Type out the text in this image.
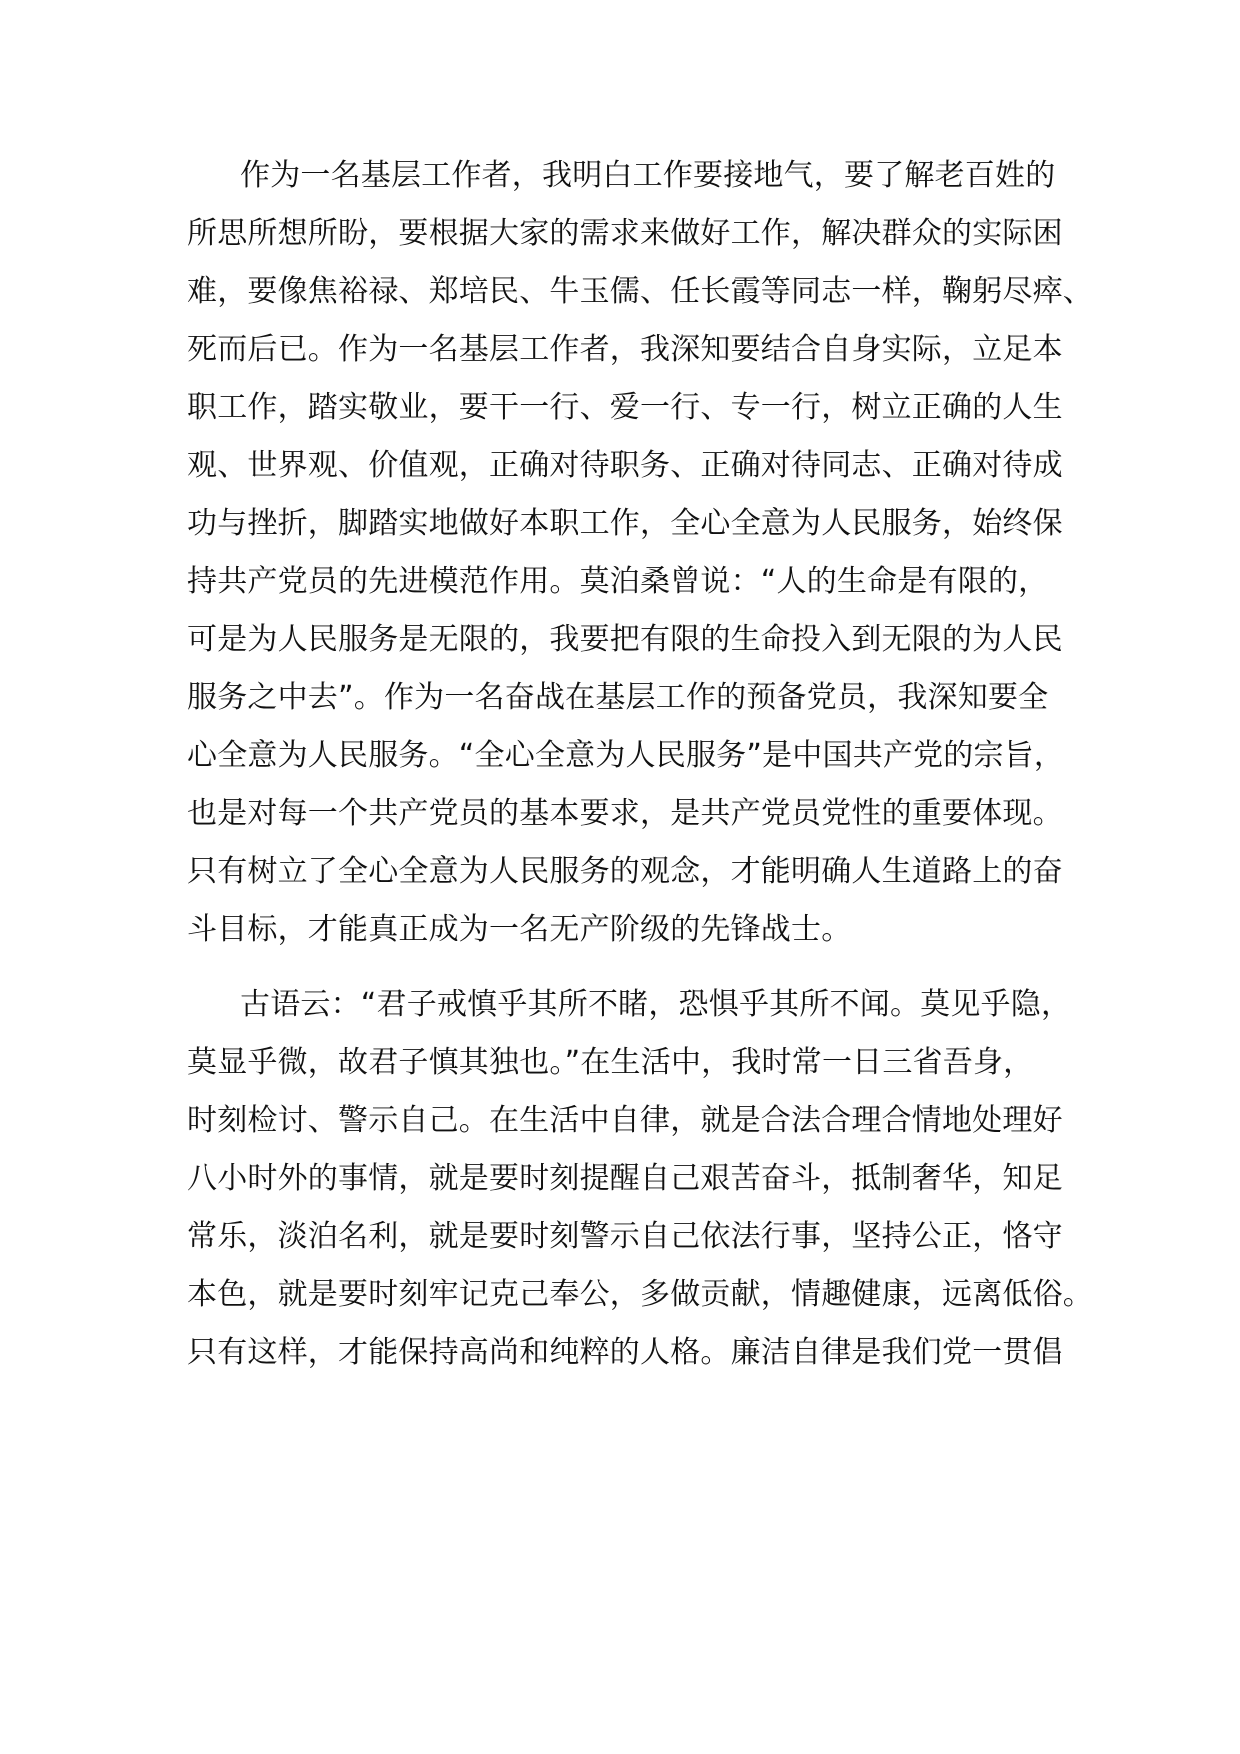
作为一名基层工作者，我明白工作要接地气，要了解老百姓的
所思所想所盼，要根据大家的需求来做好工作，解决群众的实际困
难，要像焦裕禄、郑培民、牛玉儒、任长霞等同志一样，鞠躬尽瘁、
死而后已。作为一名基层工作者，我深知要结合自身实际，立足本
职工作，踏实敬业，要干一行、爱一行、专一行，树立正确的人生
观、世界观、价值观，正确对待职务、正确对待同志、正确对待成
功与挫折，脚踏实地做好本职工作，全心全意为人民服务，始终保
持共产党员的先进模范作用。莫泊桑曾说：“人的生命是有限的，
可是为人民服务是无限的，我要把有限的生命投入到无限的为人民
服务之中去”。作为一名奋战在基层工作的预备党员，我深知要全
心全意为人民服务。“全心全意为人民服务”是中国共产党的宗旨，
也是对每一个共产党员的基本要求，是共产党员党性的重要体现。
只有树立了全心全意为人民服务的观念，才能明确人生道路上的奋
斗目标，才能真正成为一名无产阶级的先锋战士。
古语云：“君子戒慎乎其所不睹，恐惧乎其所不闻。莫见乎隐，
莫显乎微，故君子慎其独也。”在生活中，我时常一日三省吾身，
时刻检讨、警示自己。在生活中自律，就是合法合理合情地处理好
八小时外的事情，就是要时刻提醒自己艰苦奋斗，抵制奢华，知足
常乐，淡泊名利，就是要时刻警示自己依法行事，坚持公正，恪守
本色，就是要时刻牢记克己奉公，多做贡献，情趣健康，远离低俗。
只有这样，才能保持高尚和纯粹的人格。廉洁自律是我们党一贯倡
